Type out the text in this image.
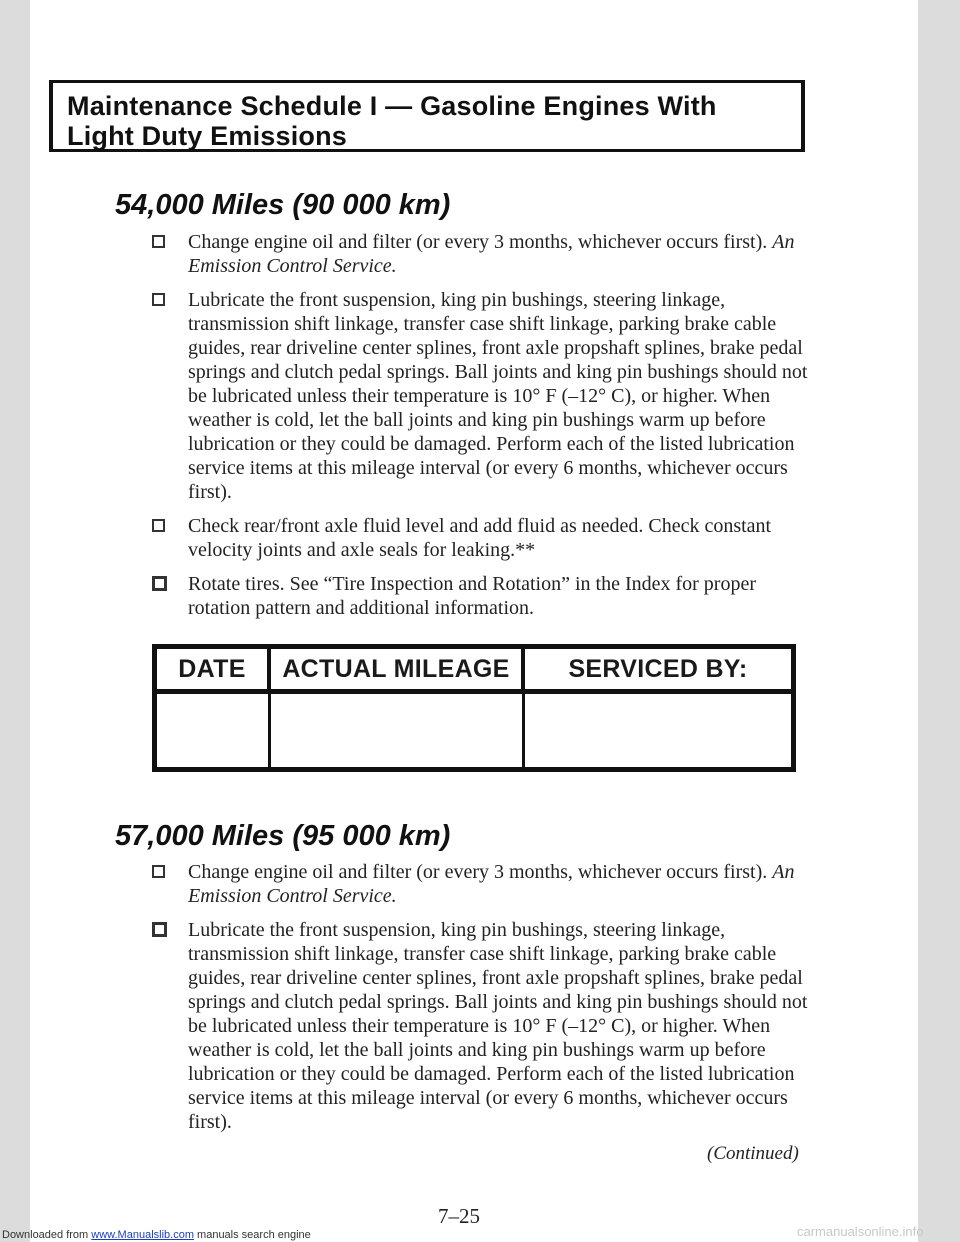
Maintenance Schedule I — Gasoline Engines With
Light Duty Emissions
54,000 Miles (90 000 km)
Change engine oil and filter (or every 3 months, whichever occurs first). An Emission Control Service.
Lubricate the front suspension, king pin bushings, steering linkage, transmission shift linkage, transfer case shift linkage, parking brake cable guides, rear driveline center splines, front axle propshaft splines, brake pedal springs and clutch pedal springs. Ball joints and king pin bushings should not be lubricated unless their temperature is 10° F (–12° C), or higher. When weather is cold, let the ball joints and king pin bushings warm up before lubrication or they could be damaged. Perform each of the listed lubrication service items at this mileage interval (or every 6 months, whichever occurs first).
Check rear/front axle fluid level and add fluid as needed. Check constant velocity joints and axle seals for leaking.**
Rotate tires. See “Tire Inspection and Rotation” in the Index for proper rotation pattern and additional information.
DATE	ACTUAL MILEAGE	SERVICED BY:

57,000 Miles (95 000 km)
Change engine oil and filter (or every 3 months, whichever occurs first). An Emission Control Service.
Lubricate the front suspension, king pin bushings, steering linkage, transmission shift linkage, transfer case shift linkage, parking brake cable guides, rear driveline center splines, front axle propshaft splines, brake pedal springs and clutch pedal springs. Ball joints and king pin bushings should not be lubricated unless their temperature is 10° F (–12° C), or higher. When weather is cold, let the ball joints and king pin bushings warm up before lubrication or they could be damaged. Perform each of the listed lubrication service items at this mileage interval (or every 6 months, whichever occurs first).
(Continued)
7–25
Downloaded from www.Manualslib.com manuals search engine	carmanualsonline.info
